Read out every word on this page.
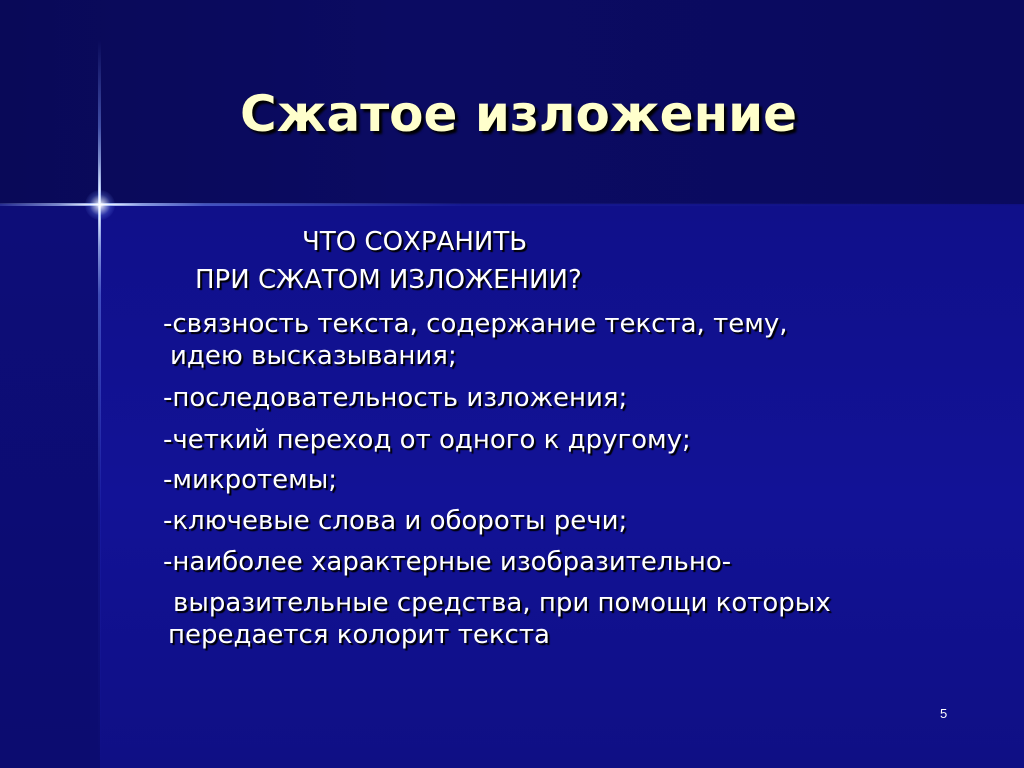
Сжатое изложение

ЧТО СОХРАНИТЬ

ПРИ СЖАТОМ ИЗЛОЖЕНИИ?

-связность текста, содержание текста, тему,

идею высказывания;

-последовательность изложения;

-четкий переход от одного к другому;

-микротемы;

-ключевые слова и обороты речи;

-наиболее характерные изобразительно-

выразительные средства, при помощи которых

передается колорит текста

5
